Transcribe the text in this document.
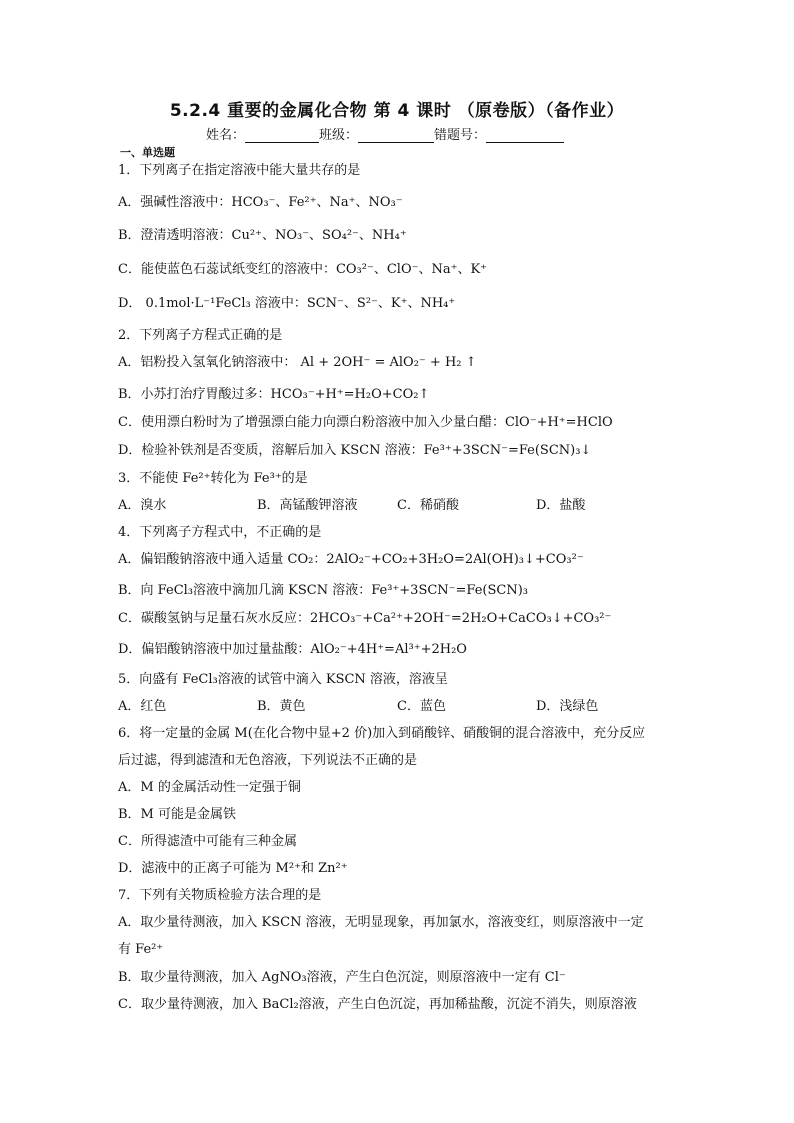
5.2.4 重要的金属化合物 第 4 课时 （原卷版）（备作业）
姓名：	班级：	错题号：
一、单选题
1．下列离子在指定溶液中能大量共存的是
A．强碱性溶液中：HCO₃⁻、Fe²⁺、Na⁺、NO₃⁻
B．澄清透明溶液：Cu²⁺、NO₃⁻、SO₄²⁻、NH₄⁺
C．能使蓝色石蕊试纸变红的溶液中：CO₃²⁻、ClO⁻、Na⁺、K⁺
D． 0.1mol·L⁻¹FeCl₃ 溶液中：SCN⁻、S²⁻、K⁺、NH₄⁺
2．下列离子方程式正确的是
A．铝粉投入氢氧化钠溶液中： Al + 2OH⁻ = AlO₂⁻ + H₂ ↑
B．小苏打治疗胃酸过多：HCO₃⁻+H⁺=H₂O+CO₂↑
C．使用漂白粉时为了增强漂白能力向漂白粉溶液中加入少量白醋：ClO⁻+H⁺=HClO
D．检验补铁剂是否变质，溶解后加入 KSCN 溶液：Fe³⁺+3SCN⁻=Fe(SCN)₃↓
3．不能使 Fe²⁺转化为 Fe³⁺的是
A．溴水	B．高锰酸钾溶液	C．稀硝酸	D．盐酸
4．下列离子方程式中，不正确的是
A．偏铝酸钠溶液中通入适量 CO₂：2AlO₂⁻+CO₂+3H₂O=2Al(OH)₃↓+CO₃²⁻
B．向 FeCl₃溶液中滴加几滴 KSCN 溶液：Fe³⁺+3SCN⁻=Fe(SCN)₃
C．碳酸氢钠与足量石灰水反应：2HCO₃⁻+Ca²⁺+2OH⁻=2H₂O+CaCO₃↓+CO₃²⁻
D．偏铝酸钠溶液中加过量盐酸：AlO₂⁻+4H⁺=Al³⁺+2H₂O
5．向盛有 FeCl₃溶液的试管中滴入 KSCN 溶液，溶液呈
A．红色	B．黄色	C．蓝色	D．浅绿色
6．将一定量的金属 M(在化合物中显+2 价)加入到硝酸锌、硝酸铜的混合溶液中，充分反应
后过滤，得到滤渣和无色溶液，下列说法不正确的是
A．M 的金属活动性一定强于铜
B．M 可能是金属铁
C．所得滤渣中可能有三种金属
D．滤液中的正离子可能为 M²⁺和 Zn²⁺
7．下列有关物质检验方法合理的是
A．取少量待测液，加入 KSCN 溶液，无明显现象，再加氯水，溶液变红，则原溶液中一定
有 Fe²⁺
B．取少量待测液，加入 AgNO₃溶液，产生白色沉淀，则原溶液中一定有 Cl⁻
C．取少量待测液，加入 BaCl₂溶液，产生白色沉淀，再加稀盐酸，沉淀不消失，则原溶液
